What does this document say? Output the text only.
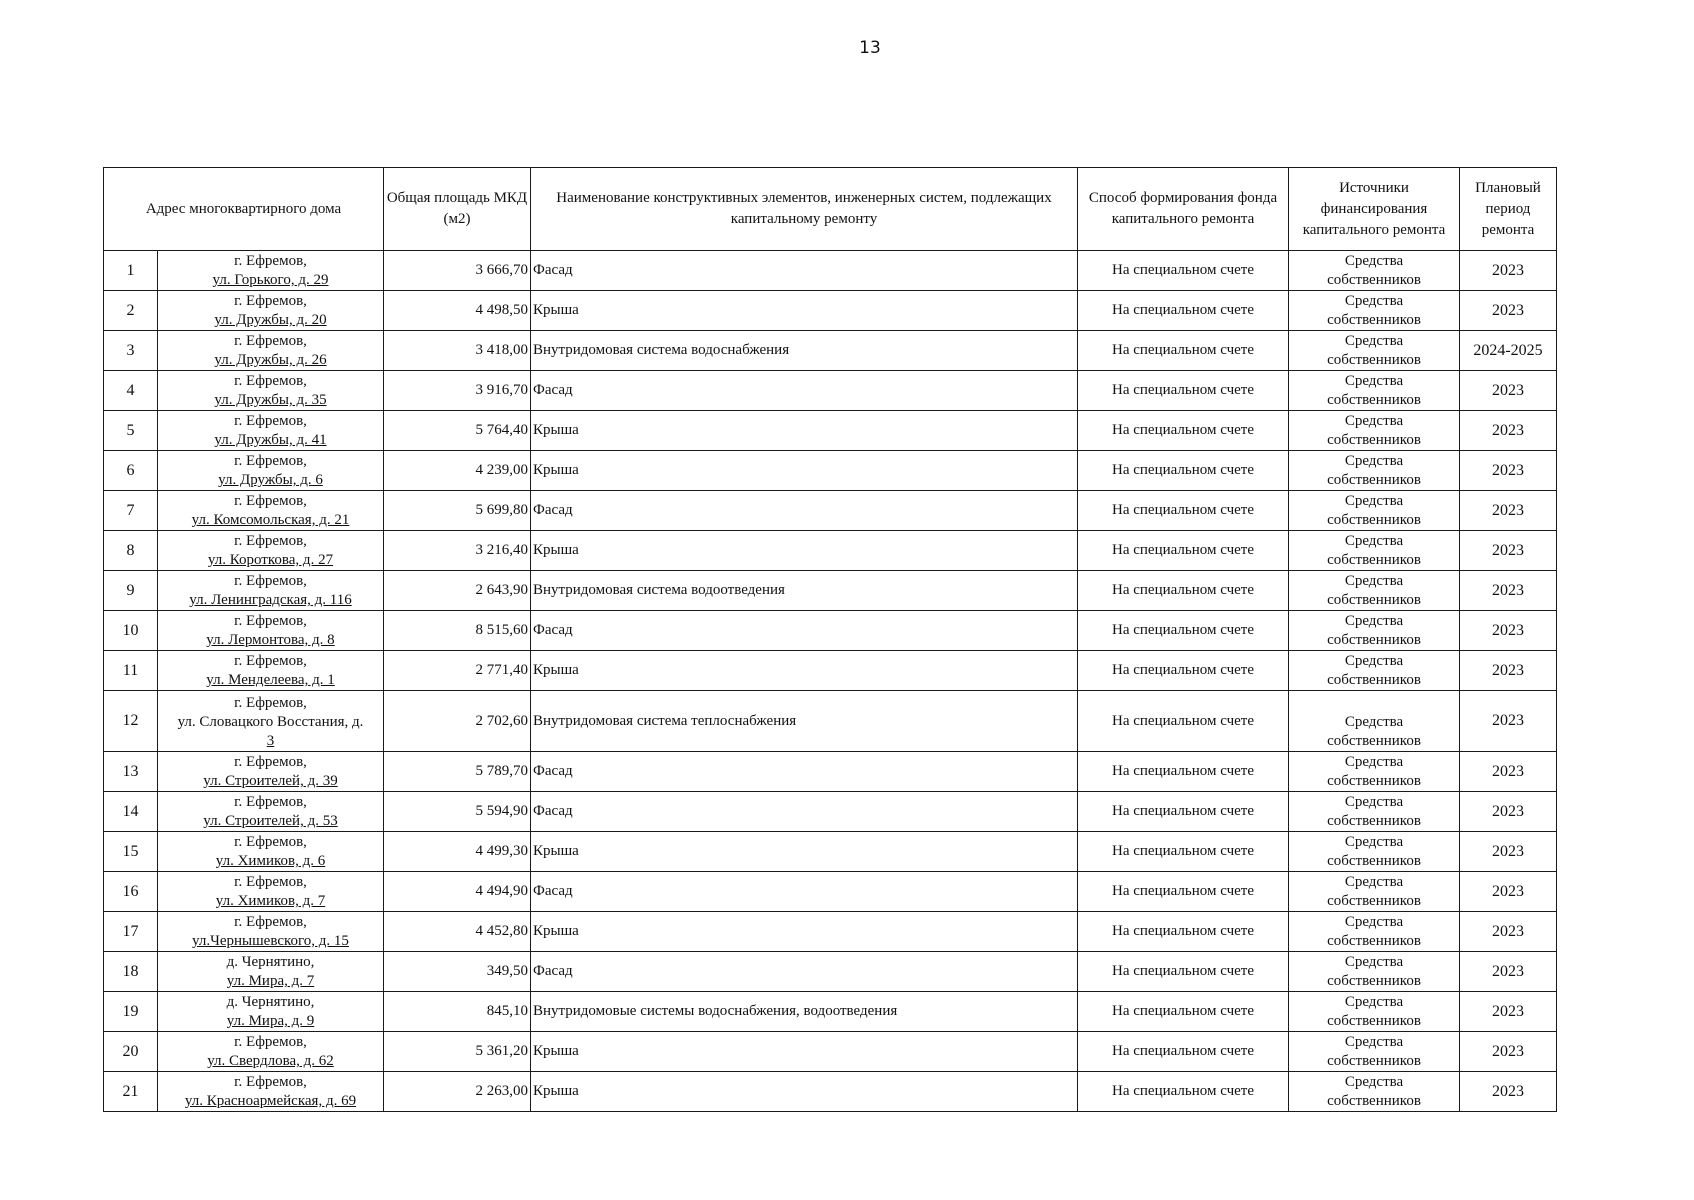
13
Адрес многоквартирного дома		Общая площадь МКД (м2)	Наименование конструктивных элементов, инженерных систем, подлежащих капитальному ремонту	Способ формирования фонда капитального ремонта	Источники финансирования капитального ремонта	Плановый период ремонта
1	г. Ефремов,
ул. Горького, д. 29	3 666,70	Фасад	На специальном счете	Средства
собственников	2023
2	г. Ефремов,
ул. Дружбы, д. 20	4 498,50	Крыша	На специальном счете	Средства
собственников	2023
3	г. Ефремов,
ул. Дружбы, д. 26	3 418,00	Внутридомовая система водоснабжения	На специальном счете	Средства
собственников	2024-2025
4	г. Ефремов,
ул. Дружбы, д. 35	3 916,70	Фасад	На специальном счете	Средства
собственников	2023
5	г. Ефремов,
ул. Дружбы, д. 41	5 764,40	Крыша	На специальном счете	Средства
собственников	2023
6	г. Ефремов,
ул. Дружбы, д. 6	4 239,00	Крыша	На специальном счете	Средства
собственников	2023
7	г. Ефремов,
ул. Комсомольская, д. 21	5 699,80	Фасад	На специальном счете	Средства
собственников	2023
8	г. Ефремов,
ул. Короткова, д. 27	3 216,40	Крыша	На специальном счете	Средства
собственников	2023
9	г. Ефремов,
ул. Ленинградская, д. 116	2 643,90	Внутридомовая система водоотведения	На специальном счете	Средства
собственников	2023
10	г. Ефремов,
ул. Лермонтова, д. 8	8 515,60	Фасад	На специальном счете	Средства
собственников	2023
11	г. Ефремов,
ул. Менделеева, д. 1	2 771,40	Крыша	На специальном счете	Средства
собственников	2023
12	г. Ефремов,
ул. Словацкого Восстания, д.
3	2 702,60	Внутридомовая система теплоснабжения	На специальном счете	Средства
собственников	2023
13	г. Ефремов,
ул. Строителей, д. 39	5 789,70	Фасад	На специальном счете	Средства
собственников	2023
14	г. Ефремов,
ул. Строителей, д. 53	5 594,90	Фасад	На специальном счете	Средства
собственников	2023
15	г. Ефремов,
ул. Химиков, д. 6	4 499,30	Крыша	На специальном счете	Средства
собственников	2023
16	г. Ефремов,
ул. Химиков, д. 7	4 494,90	Фасад	На специальном счете	Средства
собственников	2023
17	г. Ефремов,
ул.Чернышевского, д. 15	4 452,80	Крыша	На специальном счете	Средства
собственников	2023
18	д. Чернятино,
ул. Мира, д. 7	349,50	Фасад	На специальном счете	Средства
собственников	2023
19	д. Чернятино,
ул. Мира, д. 9	845,10	Внутридомовые системы водоснабжения, водоотведения	На специальном счете	Средства
собственников	2023
20	г. Ефремов,
ул. Свердлова, д. 62	5 361,20	Крыша	На специальном счете	Средства
собственников	2023
21	г. Ефремов,
ул. Красноармейская, д. 69	2 263,00	Крыша	На специальном счете	Средства
собственников	2023
